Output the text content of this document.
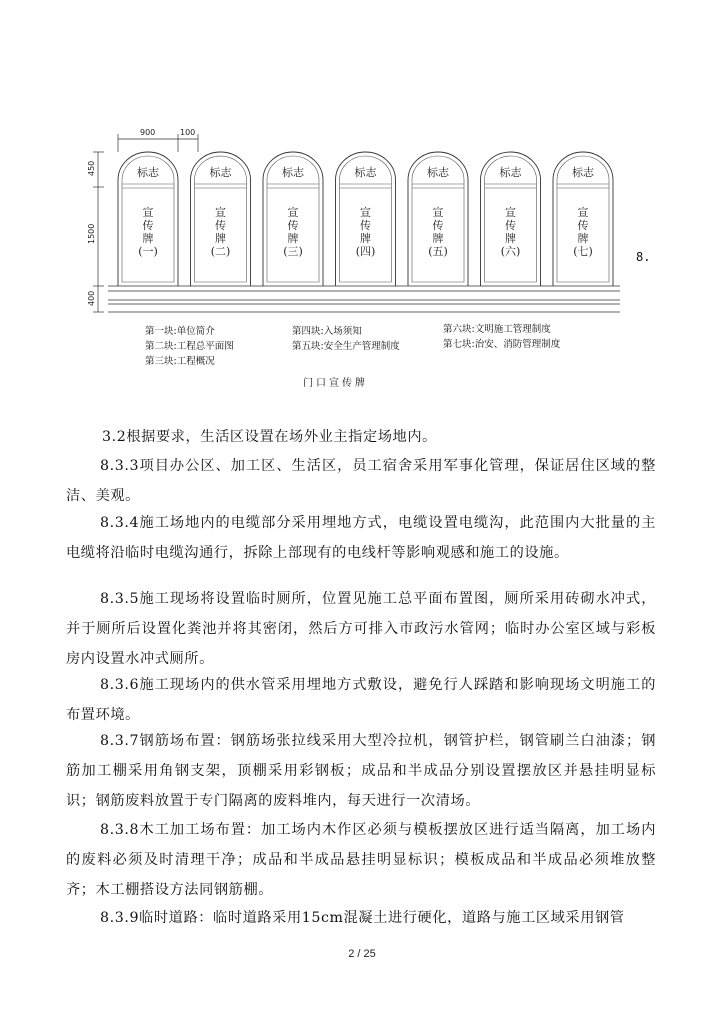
900	100
450
1500
400
标志
宣
传
牌
(一)
标志
宣
传
牌
(二)
标志
宣
传
牌
(三)
标志
宣
传
牌
(四)
标志
宣
传
牌
(五)
标志
宣
传
牌
(六)
标志
宣
传
牌
(七)	8.
第一块:单位简介
第二块:工程总平面图
第三块:工程概况
第四块:入场须知
第五块:安全生产管理制度
第六块:文明施工管理制度
第七块:治安、消防管理制度
门口宣传牌
3.2根据要求，生活区设置在场外业主指定场地内。
8.3.3项目办公区、加工区、生活区，员工宿舍采用军事化管理，保证居住区域的整洁、美观。
8.3.4施工场地内的电缆部分采用埋地方式，电缆设置电缆沟，此范围内大批量的主电缆将沿临时电缆沟通行，拆除上部现有的电线杆等影响观感和施工的设施。
8.3.5施工现场将设置临时厕所，位置见施工总平面布置图，厕所采用砖砌水冲式，并于厕所后设置化粪池并将其密闭，然后方可排入市政污水管网；临时办公室区域与彩板房内设置水冲式厕所。
8.3.6施工现场内的供水管采用埋地方式敷设，避免行人踩踏和影响现场文明施工的布置环境。
8.3.7钢筋场布置：钢筋场张拉线采用大型冷拉机，钢管护栏，钢管刷兰白油漆；钢筋加工棚采用角钢支架，顶棚采用彩钢板；成品和半成品分别设置摆放区并悬挂明显标识；钢筋废料放置于专门隔离的废料堆内，每天进行一次清场。
8.3.8木工加工场布置：加工场内木作区必须与模板摆放区进行适当隔离，加工场内的废料必须及时清理干净；成品和半成品悬挂明显标识；模板成品和半成品必须堆放整齐；木工棚搭设方法同钢筋棚。
8.3.9临时道路：临时道路采用15cm混凝土进行硬化，道路与施工区域采用钢管
2 / 25
